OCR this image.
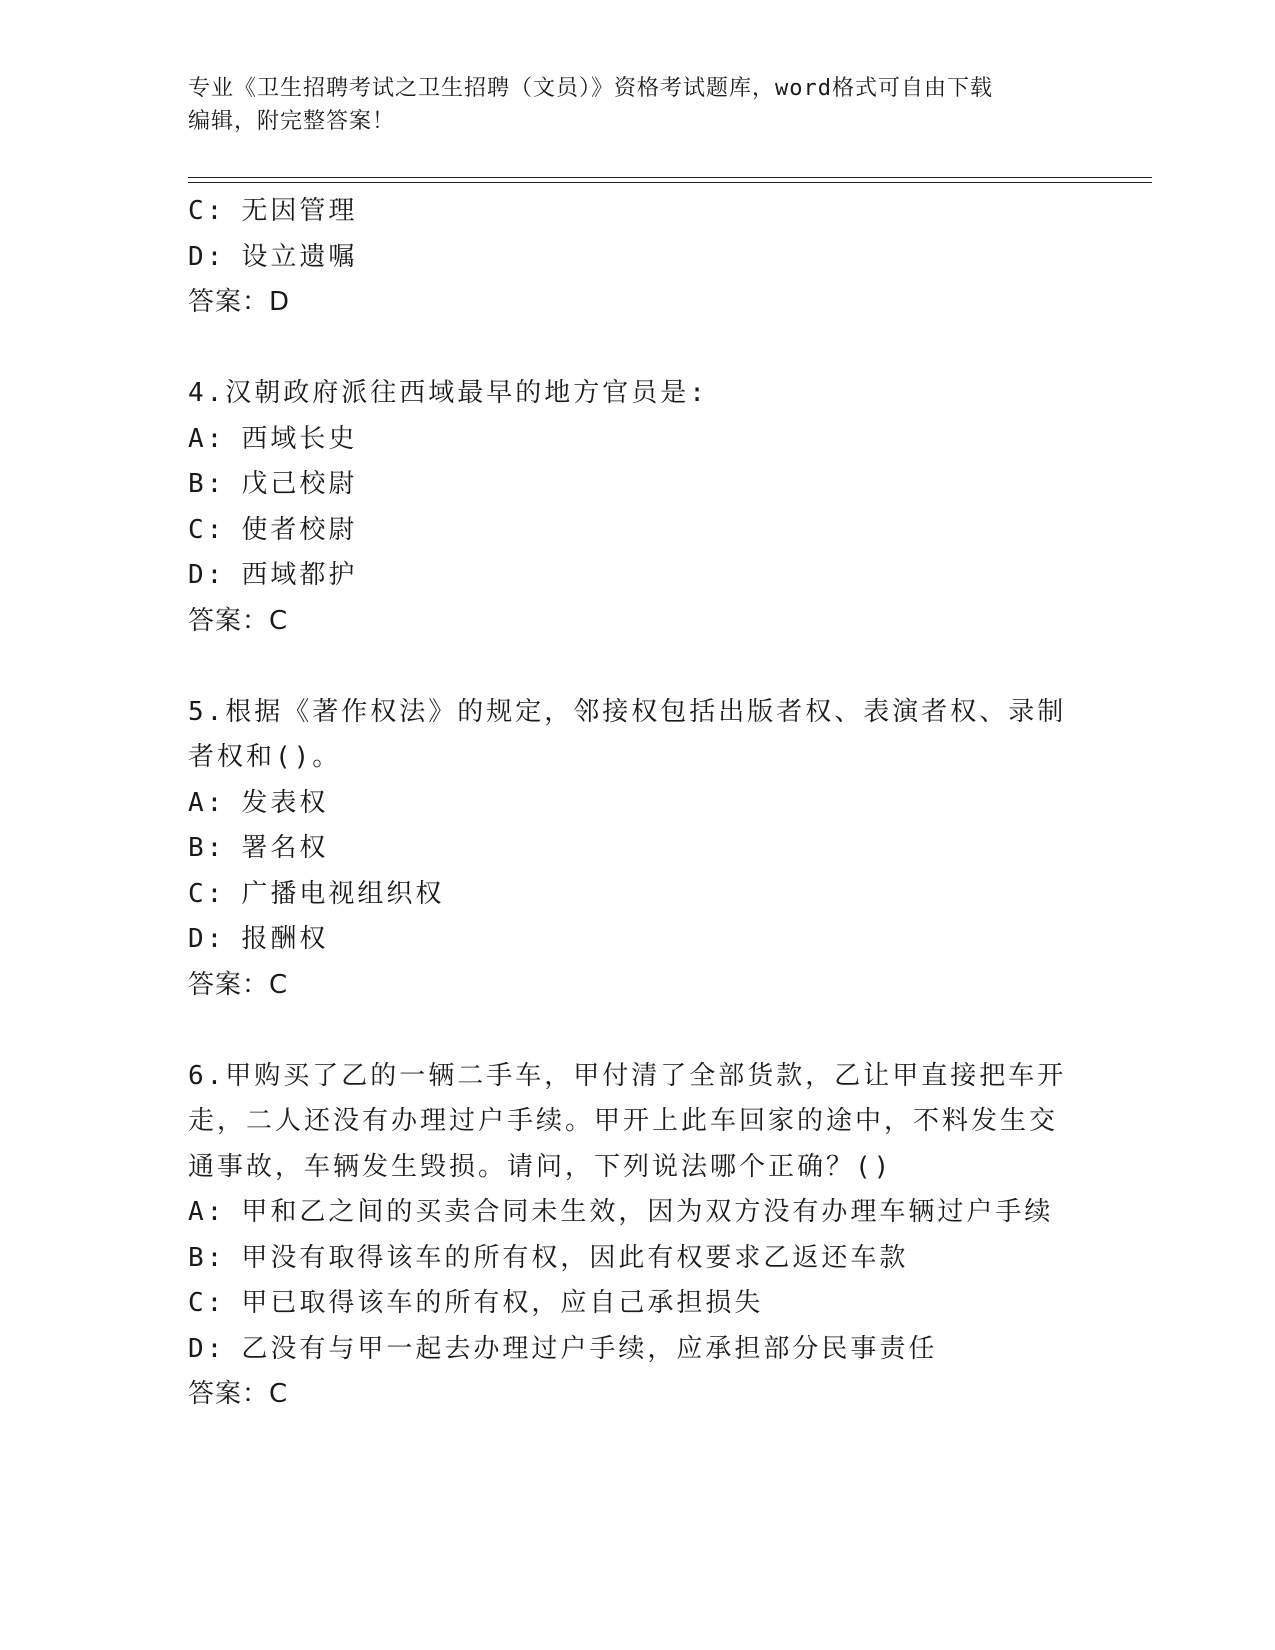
专业《卫生招聘考试之卫生招聘（文员）》资格考试题库，word格式可自由下载
编辑，附完整答案！
C: 无因管理
D: 设立遗嘱
答案：D
4.汉朝政府派往西域最早的地方官员是:
A: 西域长史
B: 戊己校尉
C: 使者校尉
D: 西域都护
答案：C
5.根据《著作权法》的规定，邻接权包括出版者权、表演者权、录制
者权和()。
A: 发表权
B: 署名权
C: 广播电视组织权
D: 报酬权
答案：C
6.甲购买了乙的一辆二手车，甲付清了全部货款，乙让甲直接把车开
走，二人还没有办理过户手续。甲开上此车回家的途中，不料发生交
通事故，车辆发生毁损。请问，下列说法哪个正确？()
A: 甲和乙之间的买卖合同未生效，因为双方没有办理车辆过户手续
B: 甲没有取得该车的所有权，因此有权要求乙返还车款
C: 甲已取得该车的所有权，应自己承担损失
D: 乙没有与甲一起去办理过户手续，应承担部分民事责任
答案：C
